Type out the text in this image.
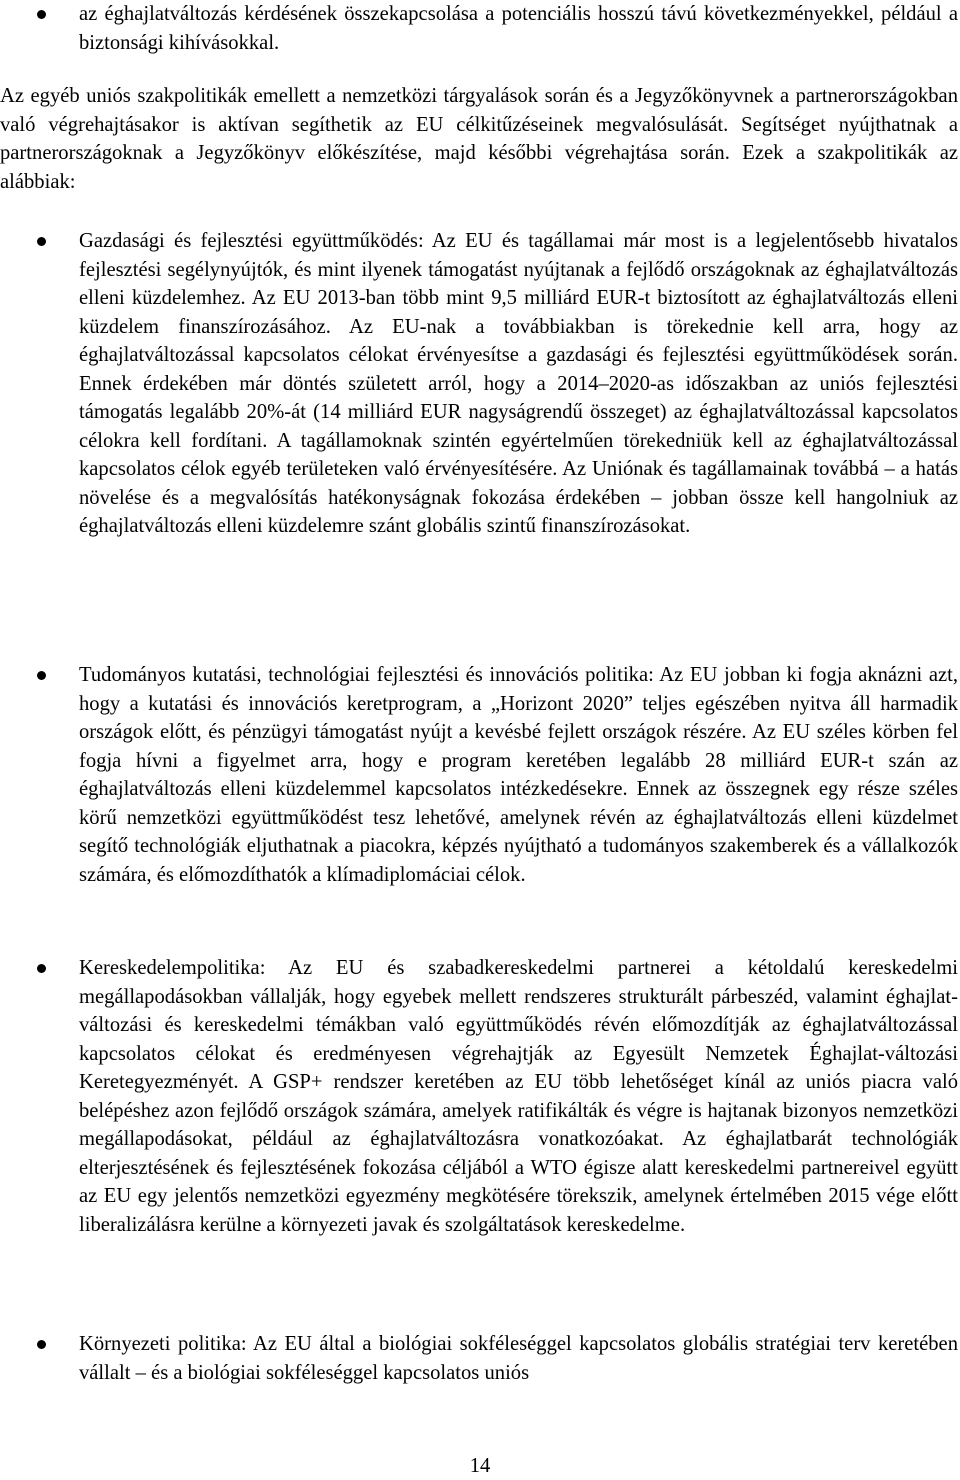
az éghajlatváltozás kérdésének összekapcsolása a potenciális hosszú távú következményekkel, például a biztonsági kihívásokkal.
Az egyéb uniós szakpolitikák emellett a nemzetközi tárgyalások során és a Jegyzőkönyvnek a partnerországokban való végrehajtásakor is aktívan segíthetik az EU célkitűzéseinek megvalósulását. Segítséget nyújthatnak a partnerországoknak a Jegyzőkönyv előkészítése, majd későbbi végrehajtása során. Ezek a szakpolitikák az alábbiak:
Gazdasági és fejlesztési együttműködés: Az EU és tagállamai már most is a legjelentősebb hivatalos fejlesztési segélynyújtók, és mint ilyenek támogatást nyújtanak a fejlődő országoknak az éghajlatváltozás elleni küzdelemhez. Az EU 2013-ban több mint 9,5 milliárd EUR-t biztosított az éghajlatváltozás elleni küzdelem finanszírozásához. Az EU-nak a továbbiakban is törekednie kell arra, hogy az éghajlatváltozással kapcsolatos célokat érvényesítse a gazdasági és fejlesztési együttműködések során. Ennek érdekében már döntés született arról, hogy a 2014–2020-as időszakban az uniós fejlesztési támogatás legalább 20%-át (14 milliárd EUR nagyságrendű összeget) az éghajlatváltozással kapcsolatos célokra kell fordítani. A tagállamoknak szintén egyértelműen törekedniük kell az éghajlatváltozással kapcsolatos célok egyéb területeken való érvényesítésére. Az Uniónak és tagállamainak továbbá – a hatás növelése és a megvalósítás hatékonyságnak fokozása érdekében – jobban össze kell hangolniuk az éghajlatváltozás elleni küzdelemre szánt globális szintű finanszírozásokat.
Tudományos kutatási, technológiai fejlesztési és innovációs politika: Az EU jobban ki fogja aknázni azt, hogy a kutatási és innovációs keretprogram, a „Horizont 2020” teljes egészében nyitva áll harmadik országok előtt, és pénzügyi támogatást nyújt a kevésbé fejlett országok részére. Az EU széles körben fel fogja hívni a figyelmet arra, hogy e program keretében legalább 28 milliárd EUR-t szán az éghajlatváltozás elleni küzdelemmel kapcsolatos intézkedésekre. Ennek az összegnek egy része széles körű nemzetközi együttműködést tesz lehetővé, amelynek révén az éghajlatváltozás elleni küzdelmet segítő technológiák eljuthatnak a piacokra, képzés nyújtható a tudományos szakemberek és a vállalkozók számára, és előmozdíthatók a klímadiplomáciai célok.
Kereskedelempolitika: Az EU és szabadkereskedelmi partnerei a kétoldalú kereskedelmi megállapodásokban vállalják, hogy egyebek mellett rendszeres strukturált párbeszéd, valamint éghajlat-változási és kereskedelmi témákban való együttműködés révén előmozdítják az éghajlatváltozással kapcsolatos célokat és eredményesen végrehajtják az Egyesült Nemzetek Éghajlat-változási Keretegyezményét. A GSP+ rendszer keretében az EU több lehetőséget kínál az uniós piacra való belépéshez azon fejlődő országok számára, amelyek ratifikálták és végre is hajtanak bizonyos nemzetközi megállapodásokat, például az éghajlatváltozásra vonatkozóakat. Az éghajlatbarát technológiák elterjesztésének és fejlesztésének fokozása céljából a WTO égisze alatt kereskedelmi partnereivel együtt az EU egy jelentős nemzetközi egyezmény megkötésére törekszik, amelynek értelmében 2015 vége előtt liberalizálásra kerülne a környezeti javak és szolgáltatások kereskedelme.
Környezeti politika: Az EU által a biológiai sokféleséggel kapcsolatos globális stratégiai terv keretében vállalt – és a biológiai sokféleséggel kapcsolatos uniós
14
